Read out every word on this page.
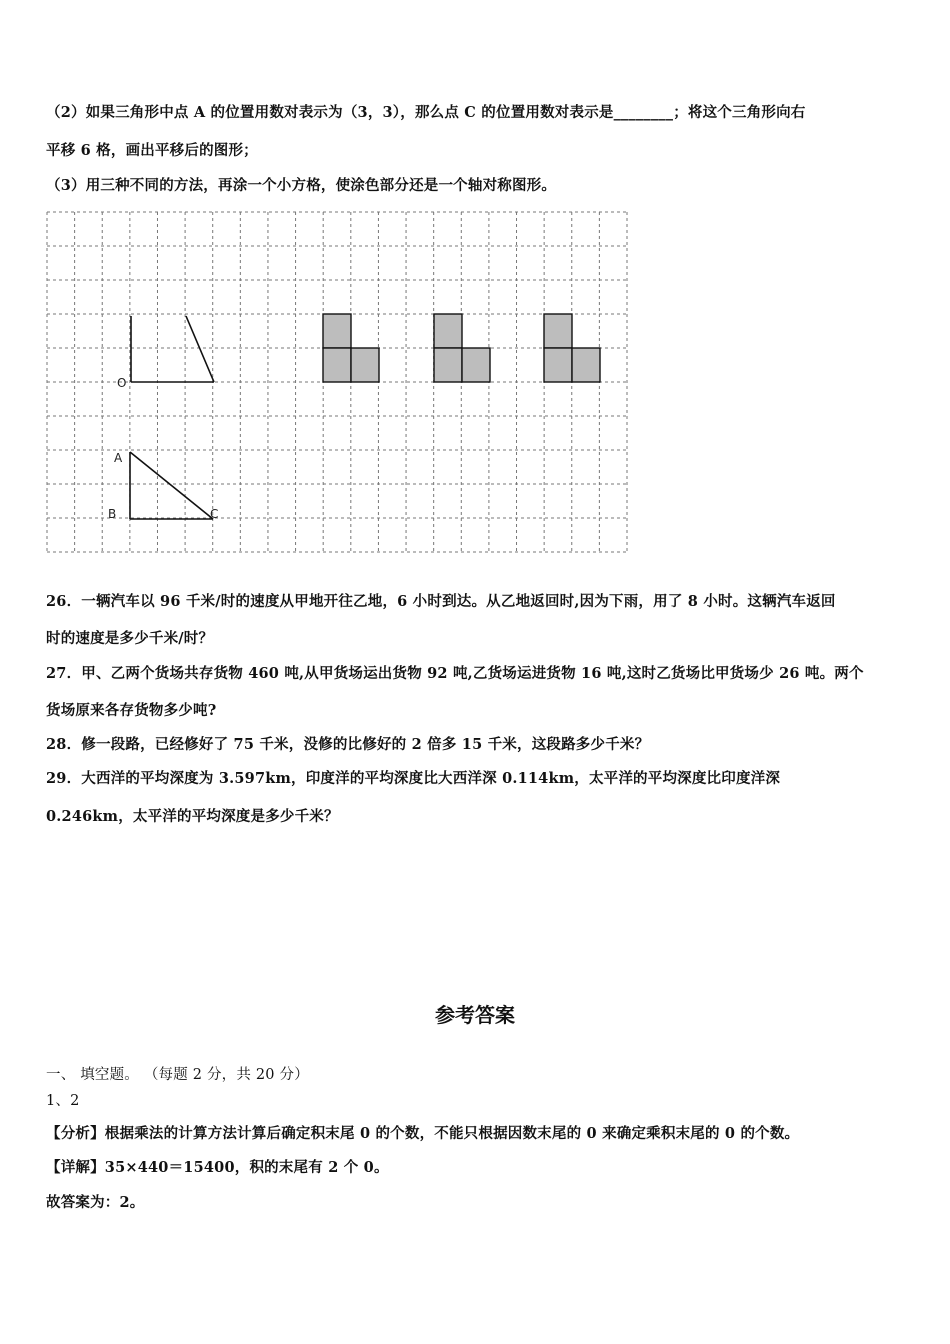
（2）如果三角形中点 A 的位置用数对表示为（3，3），那么点 C 的位置用数对表示是________；将这个三角形向右
平移 6 格，画出平移后的图形；
（3）用三种不同的方法，再涂一个小方格，使涂色部分还是一个轴对称图形。
O
A
B	C
26．一辆汽车以 96 千米/时的速度从甲地开往乙地，6 小时到达。从乙地返回时,因为下雨，用了 8 小时。这辆汽车返回
时的速度是多少千米/时？
27．甲、乙两个货场共存货物 460 吨,从甲货场运出货物 92 吨,乙货场运进货物 16 吨,这时乙货场比甲货场少 26 吨。两个
货场原来各存货物多少吨?
28．修一段路，已经修好了 75 千米，没修的比修好的 2 倍多 15 千米，这段路多少千米？
29．大西洋的平均深度为 3.597km，印度洋的平均深度比大西洋深 0.114km，太平洋的平均深度比印度洋深
0.246km，太平洋的平均深度是多少千米？
参考答案
一、 填空题。 （每题 2 分，共 20 分）
1、2
【分析】根据乘法的计算方法计算后确定积末尾 0 的个数，不能只根据因数末尾的 0 来确定乘积末尾的 0 的个数。
【详解】35×440＝15400，积的末尾有 2 个 0。
故答案为：2。
